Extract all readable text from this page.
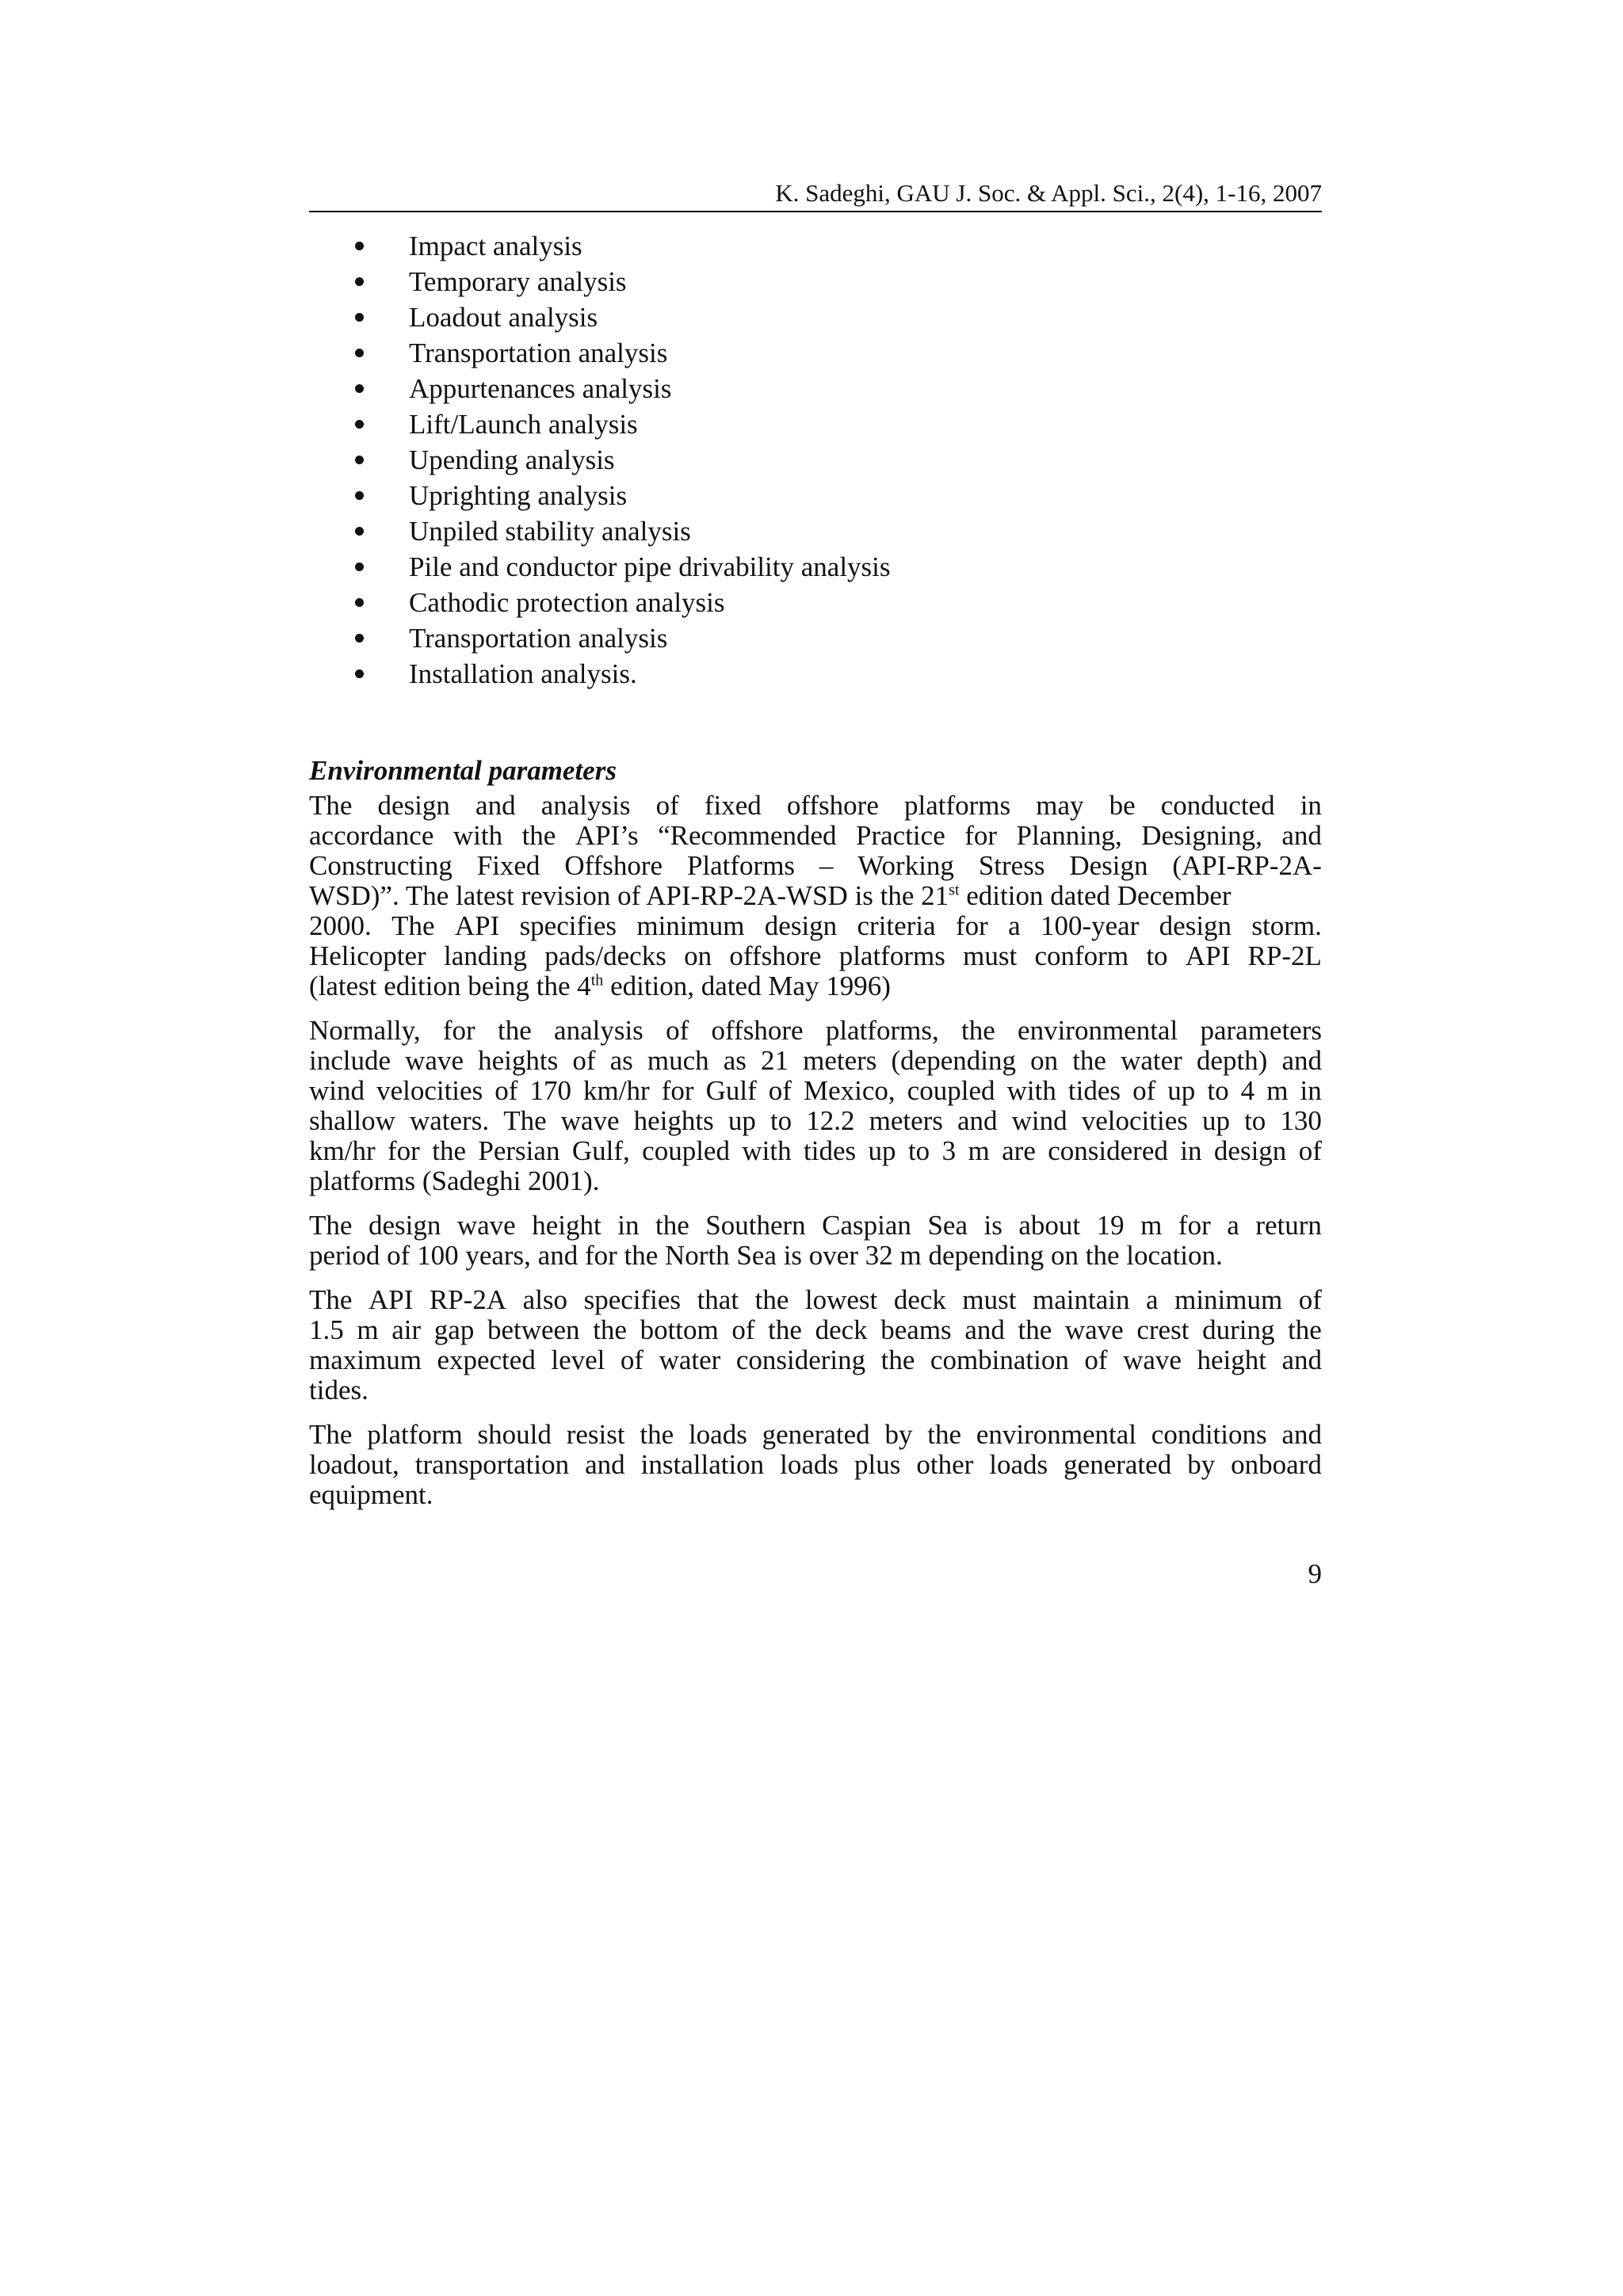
K. Sadeghi, GAU J. Soc. & Appl. Sci., 2(4), 1-16, 2007
Impact analysis
Temporary analysis
Loadout analysis
Transportation analysis
Appurtenances analysis
Lift/Launch analysis
Upending analysis
Uprighting analysis
Unpiled stability analysis
Pile and conductor pipe drivability analysis
Cathodic protection analysis
Transportation analysis
Installation analysis.
Environmental parameters
The design and analysis of fixed offshore platforms may be conducted in
accordance with the API’s “Recommended Practice for Planning, Designing, and
Constructing Fixed Offshore Platforms – Working Stress Design (API-RP-2A-
WSD)”. The latest revision of API-RP-2A-WSD is the 21st edition dated December
2000. The API specifies minimum design criteria for a 100-year design storm.
Helicopter landing pads/decks on offshore platforms must conform to API RP-2L
(latest edition being the 4th edition, dated May 1996)
Normally, for the analysis of offshore platforms, the environmental parameters
include wave heights of as much as 21 meters (depending on the water depth) and
wind velocities of 170 km/hr for Gulf of Mexico, coupled with tides of up to 4 m in
shallow waters. The wave heights up to 12.2 meters and wind velocities up to 130
km/hr for the Persian Gulf, coupled with tides up to 3 m are considered in design of
platforms (Sadeghi 2001).
The design wave height in the Southern Caspian Sea is about 19 m for a return
period of 100 years, and for the North Sea is over 32 m depending on the location.
The API RP-2A also specifies that the lowest deck must maintain a minimum of
1.5 m air gap between the bottom of the deck beams and the wave crest during the
maximum expected level of water considering the combination of wave height and
tides.
The platform should resist the loads generated by the environmental conditions and
loadout, transportation and installation loads plus other loads generated by onboard
equipment.
9
